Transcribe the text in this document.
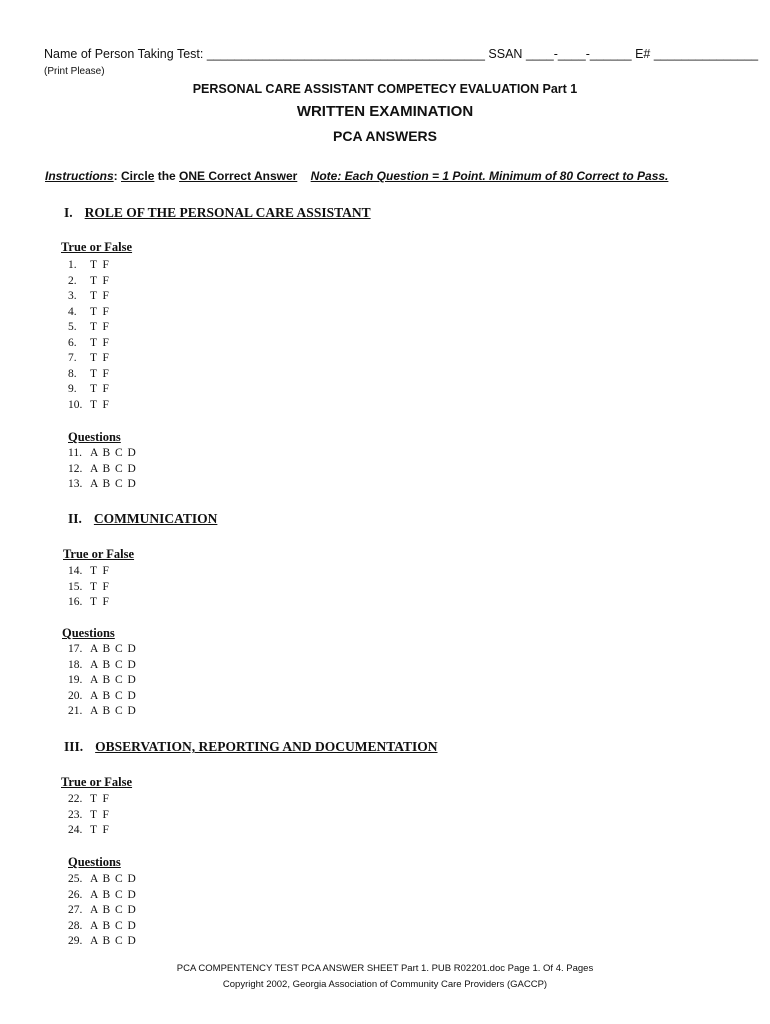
Name of Person Taking Test: ________________________________________ SSAN ____-____-______ E# _______________
(Print Please)
PERSONAL CARE ASSISTANT COMPETECY EVALUATION Part 1
WRITTEN EXAMINATION
PCA ANSWERS
Instructions: Circle the ONE Correct Answer Note: Each Question = 1 Point. Minimum of 80 Correct to Pass.
I. ROLE OF THE PERSONAL CARE ASSISTANT
True or False
1. T F
2. T F
3. T F
4. T F
5. T F
6. T F
7. T F
8. T F
9. T F
10. T F
Questions
11. A B C D
12. A B C D
13. A B C D
II. COMMUNICATION
True or False
14. T F
15. T F
16. T F
Questions
17. A B C D
18. A B C D
19. A B C D
20. A B C D
21. A B C D
III. OBSERVATION, REPORTING AND DOCUMENTATION
True or False
22. T F
23. T F
24. T F
Questions
25. A B C D
26. A B C D
27. A B C D
28. A B C D
29. A B C D
PCA COMPENTENCY TEST PCA ANSWER SHEET Part 1. PUB R02201.doc Page 1. Of 4. Pages
Copyright 2002, Georgia Association of Community Care Providers (GACCP)
